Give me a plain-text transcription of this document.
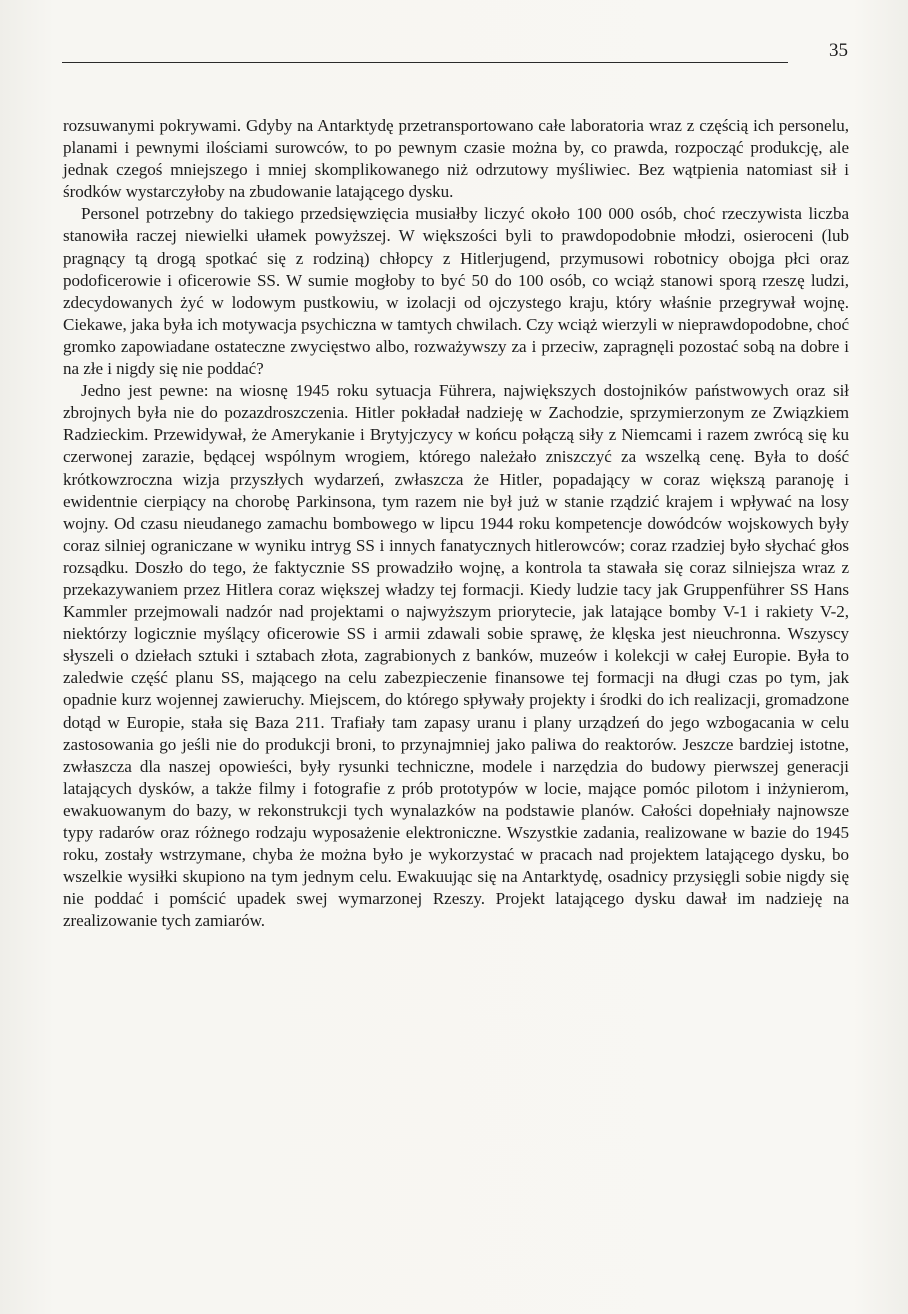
35

rozsuwanymi pokrywami. Gdyby na Antarktydę przetransportowano całe laboratoria wraz z częścią ich personelu, planami i pewnymi ilościami surowców, to po pewnym czasie można by, co prawda, rozpocząć produkcję, ale jednak czegoś mniejszego i mniej skomplikowanego niż odrzutowy myśliwiec. Bez wątpienia natomiast sił i środków wystarczyłoby na zbudowanie latającego dysku.

Personel potrzebny do takiego przedsięwzięcia musiałby liczyć około 100 000 osób, choć rzeczywista liczba stanowiła raczej niewielki ułamek powyższej. W większości byli to prawdopodobnie młodzi, osieroceni (lub pragnący tą drogą spotkać się z rodziną) chłopcy z Hitlerjugend, przymusowi robotnicy obojga płci oraz podoficerowie i oficerowie SS. W sumie mogłoby to być 50 do 100 osób, co wciąż stanowi sporą rzeszę ludzi, zdecydowanych żyć w lodowym pustkowiu, w izolacji od ojczystego kraju, który właśnie przegrywał wojnę. Ciekawe, jaka była ich motywacja psychiczna w tamtych chwilach. Czy wciąż wierzyli w nieprawdopodobne, choć gromko zapowiadane ostateczne zwycięstwo albo, rozważywszy za i przeciw, zapragnęli pozostać sobą na dobre i na złe i nigdy się nie poddać?

Jedno jest pewne: na wiosnę 1945 roku sytuacja Führera, największych dostojników państwowych oraz sił zbrojnych była nie do pozazdroszczenia. Hitler pokładał nadzieję w Zachodzie, sprzymierzonym ze Związkiem Radzieckim. Przewidywał, że Amerykanie i Brytyjczycy w końcu połączą siły z Niemcami i razem zwrócą się ku czerwonej zarazie, będącej wspólnym wrogiem, którego należało zniszczyć za wszelką cenę. Była to dość krótkowzroczna wizja przyszłych wydarzeń, zwłaszcza że Hitler, popadający w coraz większą paranoję i ewidentnie cierpiący na chorobę Parkinsona, tym razem nie był już w stanie rządzić krajem i wpływać na losy wojny. Od czasu nieudanego zamachu bombowego w lipcu 1944 roku kompetencje dowódców wojskowych były coraz silniej ograniczane w wyniku intryg SS i innych fanatycznych hitlerowców; coraz rzadziej było słychać głos rozsądku. Doszło do tego, że faktycznie SS prowadziło wojnę, a kontrola ta stawała się coraz silniejsza wraz z przekazywaniem przez Hitlera coraz większej władzy tej formacji. Kiedy ludzie tacy jak Gruppenführer SS Hans Kammler przejmowali nadzór nad projektami o najwyższym priorytecie, jak latające bomby V-1 i rakiety V-2, niektórzy logicznie myślący oficerowie SS i armii zdawali sobie sprawę, że klęska jest nieuchronna. Wszyscy słyszeli o dziełach sztuki i sztabach złota, zagrabionych z banków, muzeów i kolekcji w całej Europie. Była to zaledwie część planu SS, mającego na celu zabezpieczenie finansowe tej formacji na długi czas po tym, jak opadnie kurz wojennej zawieruchy. Miejscem, do którego spływały projekty i środki do ich realizacji, gromadzone dotąd w Europie, stała się Baza 211. Trafiały tam zapasy uranu i plany urządzeń do jego wzbogacania w celu zastosowania go jeśli nie do produkcji broni, to przynajmniej jako paliwa do reaktorów. Jeszcze bardziej istotne, zwłaszcza dla naszej opowieści, były rysunki techniczne, modele i narzędzia do budowy pierwszej generacji latających dysków, a także filmy i fotografie z prób prototypów w locie, mające pomóc pilotom i inżynierom, ewakuowanym do bazy, w rekonstrukcji tych wynalazków na podstawie planów. Całości dopełniały najnowsze typy radarów oraz różnego rodzaju wyposażenie elektroniczne. Wszystkie zadania, realizowane w bazie do 1945 roku, zostały wstrzymane, chyba że można było je wykorzystać w pracach nad projektem latającego dysku, bo wszelkie wysiłki skupiono na tym jednym celu. Ewakuując się na Antarktydę, osadnicy przysięgli sobie nigdy się nie poddać i pomścić upadek swej wymarzonej Rzeszy. Projekt latającego dysku dawał im nadzieję na zrealizowanie tych zamiarów.
